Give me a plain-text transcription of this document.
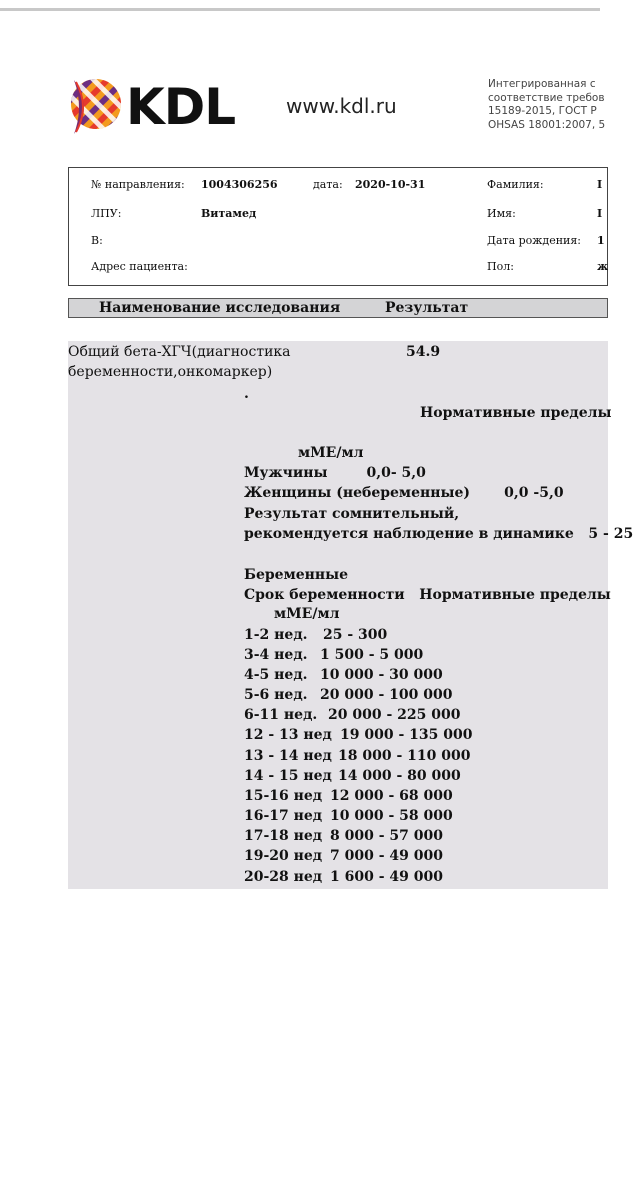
KDL	www.kdl.ru
Интегрированная с
соответствие требов
15189-2015, ГОСТ Р
OHSAS 18001:2007, 5
№ направления: 1004306256	дата: 2020-10-31
ЛПУ:	Витамед
В:
Адрес пациента:
Фамилия:	I
Имя:	I
Дата рождения: 1
Пол:	ж
Наименование исследования	Результат
Общий бета-ХГЧ(диагностика
беременности,онкомаркер)
54.9
.
Нормативные пределы
мМЕ/мл
Мужчины        0,0- 5,0
Женщины (небеременные)       0,0 -5,0
Результат сомнительный,
рекомендуется наблюдение в динамике   5 - 25
Беременные
Срок беременности   Нормативные пределы
мМЕ/мл
1-2 нед. 25 - 300
3-4 нед. 1 500 - 5 000
4-5 нед. 10 000 - 30 000
5-6 нед. 20 000 - 100 000
6-11 нед. 20 000 - 225 000
12 - 13 нед 19 000 - 135 000
13 - 14 нед 18 000 - 110 000
14 - 15 нед 14 000 - 80 000
15-16 нед 12 000 - 68 000
16-17 нед 10 000 - 58 000
17-18 нед 8 000 - 57 000
19-20 нед 7 000 - 49 000
20-28 нед 1 600 - 49 000
